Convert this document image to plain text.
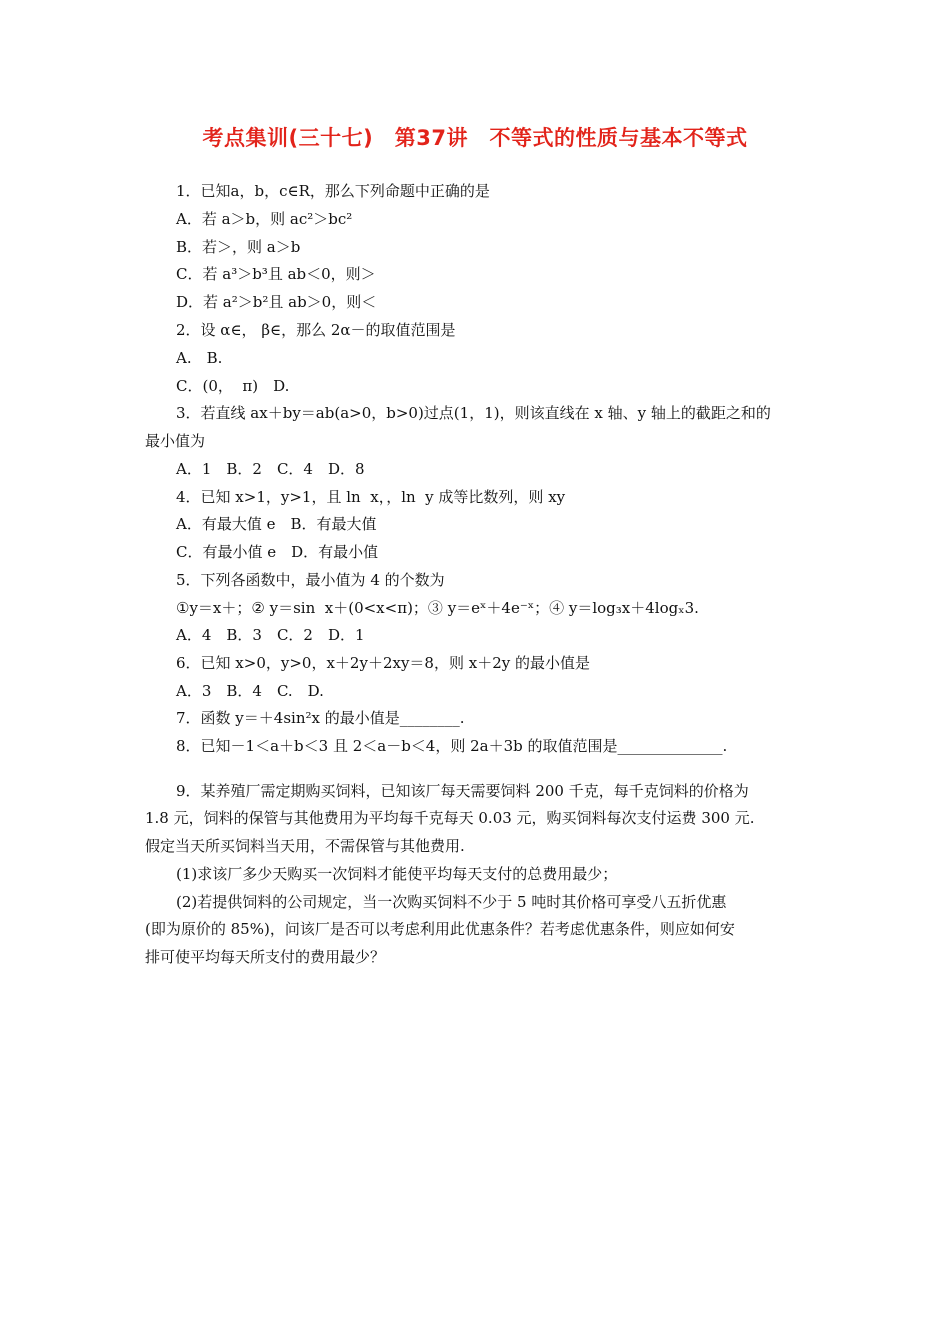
考点集训(三十七)　第37讲　不等式的性质与基本不等式
1．已知a，b，c∈R，那么下列命题中正确的是
A．若 a＞b，则 ac²＞bc²
B．若＞，则 a＞b
C．若 a³＞b³且 ab＜0，则＞
D．若 a²＞b²且 ab＞0，则＜
2．设 α∈， β∈，那么 2α－的取值范围是
A.　B.
C．(0，  π)　D.
3．若直线 ax＋by＝ab(a>0，b>0)过点(1，1)，则该直线在 x 轴、y 轴上的截距之和的
最小值为
A．1　B．2　C．4　D．8
4．已知 x>1，y>1，且 ln  x，，ln  y 成等比数列，则 xy
A．有最大值 e　B．有最大值
C．有最小值 e　D．有最小值
5．下列各函数中，最小值为 4 的个数为
①y＝x＋；② y＝sin  x＋(0<x<π)；③ y＝eˣ＋4e⁻ˣ；④ y＝log₃x＋4logₓ3.
A．4　B．3　C．2　D．1
6．已知 x>0，y>0，x＋2y＋2xy＝8，则 x＋2y 的最小值是
A．3　B．4　C.　D.
7．函数 y＝＋4sin²x 的最小值是________.
8．已知－1＜a＋b＜3 且 2＜a－b＜4，则 2a＋3b 的取值范围是______________.
9．某养殖厂需定期购买饲料，已知该厂每天需要饲料 200 千克，每千克饲料的价格为
1.8 元，饲料的保管与其他费用为平均每千克每天 0.03 元，购买饲料每次支付运费 300 元.
假定当天所买饲料当天用，不需保管与其他费用.
(1)求该厂多少天购买一次饲料才能使平均每天支付的总费用最少；
(2)若提供饲料的公司规定，当一次购买饲料不少于 5 吨时其价格可享受八五折优惠
(即为原价的 85%)，问该厂是否可以考虑利用此优惠条件？若考虑优惠条件，则应如何安
排可使平均每天所支付的费用最少？
